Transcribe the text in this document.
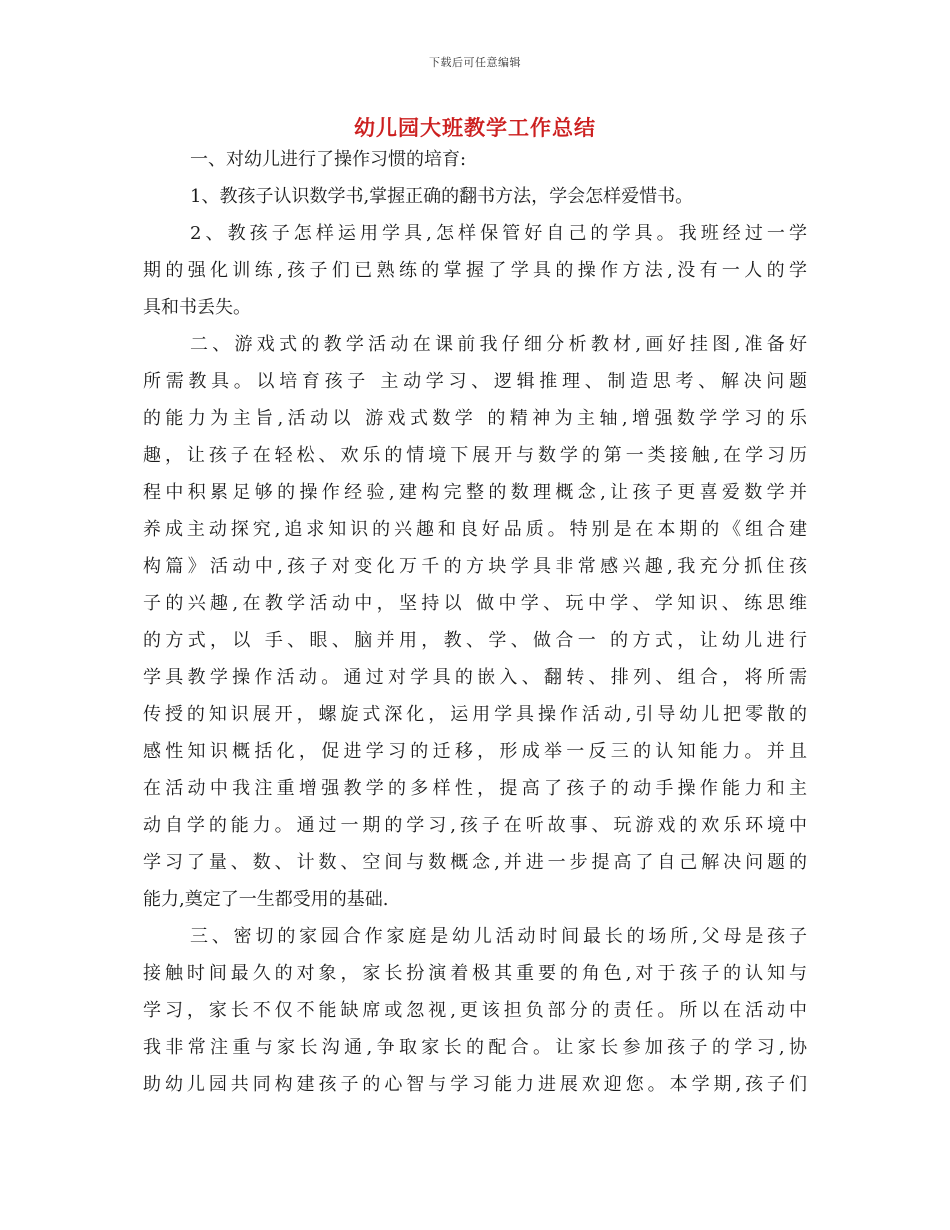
下载后可任意编辑
幼儿园大班教学工作总结
一、对幼儿进行了操作习惯的培育:
1、教孩子认识数学书,掌握正确的翻书方法，学会怎样爱惜书。
2、教孩子怎样运用学具,怎样保管好自己的学具。我班经过一学
期的强化训练,孩子们已熟练的掌握了学具的操作方法,没有一人的学
具和书丢失。
二、游戏式的教学活动在课前我仔细分析教材,画好挂图,准备好
所需教具。以培育孩子 主动学习、逻辑推理、制造思考、解决问题
的能力为主旨,活动以 游戏式数学 的精神为主轴,增强数学学习的乐
趣，让孩子在轻松、欢乐的情境下展开与数学的第一类接触,在学习历
程中积累足够的操作经验,建构完整的数理概念,让孩子更喜爱数学并
养成主动探究,追求知识的兴趣和良好品质。特别是在本期的《组合建
构篇》活动中,孩子对变化万千的方块学具非常感兴趣,我充分抓住孩
子的兴趣,在教学活动中，坚持以 做中学、玩中学、学知识、练思维
的方式，以 手、眼、脑并用，教、学、做合一 的方式，让幼儿进行
学具教学操作活动。通过对学具的嵌入、翻转、排列、组合，将所需
传授的知识展开，螺旋式深化，运用学具操作活动,引导幼儿把零散的
感性知识概括化，促进学习的迁移，形成举一反三的认知能力。并且
在活动中我注重增强教学的多样性，提高了孩子的动手操作能力和主
动自学的能力。通过一期的学习,孩子在听故事、玩游戏的欢乐环境中
学习了量、数、计数、空间与数概念,并进一步提高了自己解决问题的
能力,奠定了一生都受用的基础.
三、密切的家园合作家庭是幼儿活动时间最长的场所,父母是孩子
接触时间最久的对象，家长扮演着极其重要的角色,对于孩子的认知与
学习，家长不仅不能缺席或忽视,更该担负部分的责任。所以在活动中
我非常注重与家长沟通,争取家长的配合。让家长参加孩子的学习,协
助幼儿园共同构建孩子的心智与学习能力进展欢迎您。本学期,孩子们
